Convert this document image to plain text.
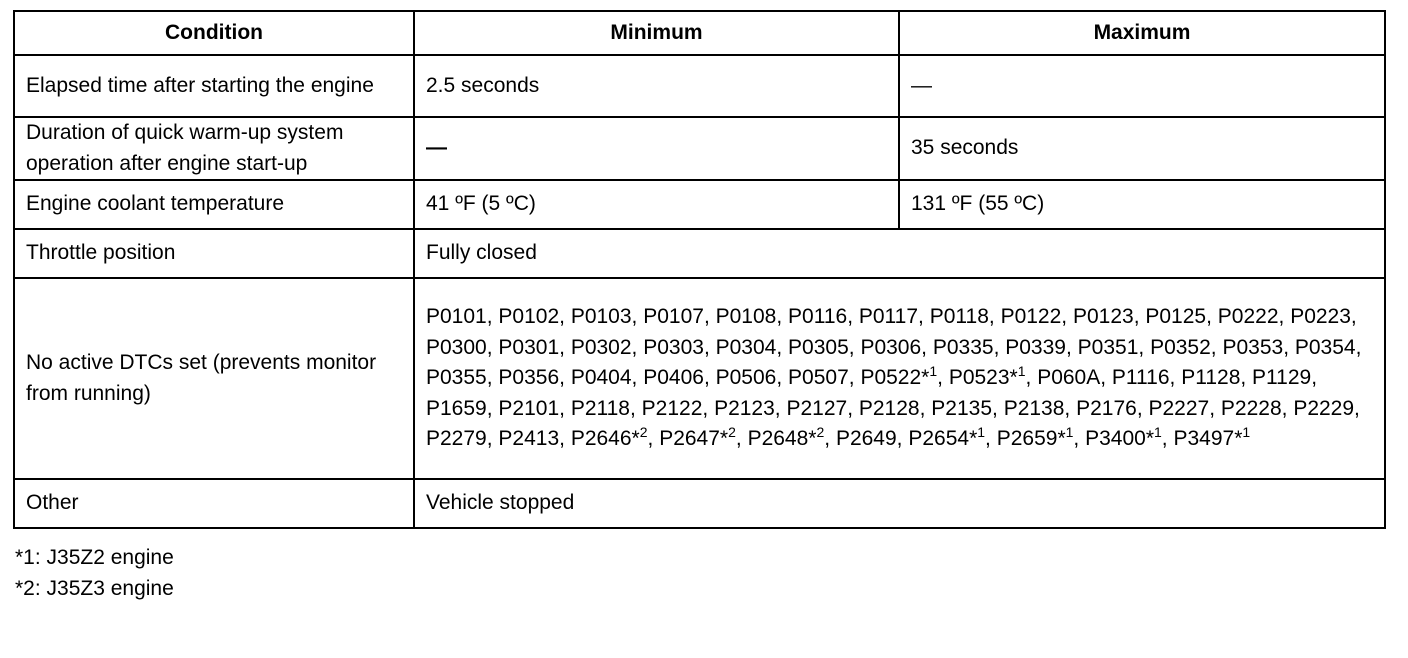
Condition	Minimum	Maximum
Elapsed time after starting the engine	2.5 seconds	—
Duration of quick warm-up system operation after engine start-up	—	35 seconds
Engine coolant temperature	41 ºF (5 ºC)	131 ºF (55 ºC)
Throttle position	Fully closed	
No active DTCs set (prevents monitor from running)	P0101, P0102, P0103, P0107, P0108, P0116, P0117, P0118, P0122, P0123, P0125, P0222, P0223, P0300, P0301, P0302, P0303, P0304, P0305, P0306, P0335, P0339, P0351, P0352, P0353, P0354, P0355, P0356, P0404, P0406, P0506, P0507, P0522*$^1$, P0523*$^1$, P060A, P1116, P1128, P1129, P1659, P2101, P2118, P2122, P2123, P2127, P2128, P2135, P2138, P2176, P2227, P2228, P2229, P2279, P2413, P2646*$^2$, P2647*$^2$, P2648*$^2$, P2649, P2654*$^1$, P2659*$^1$, P3400*$^1$, P3497*$^1$

Other	Vehicle stopped	
*1: J35Z2 engine
*2: J35Z3 engine
